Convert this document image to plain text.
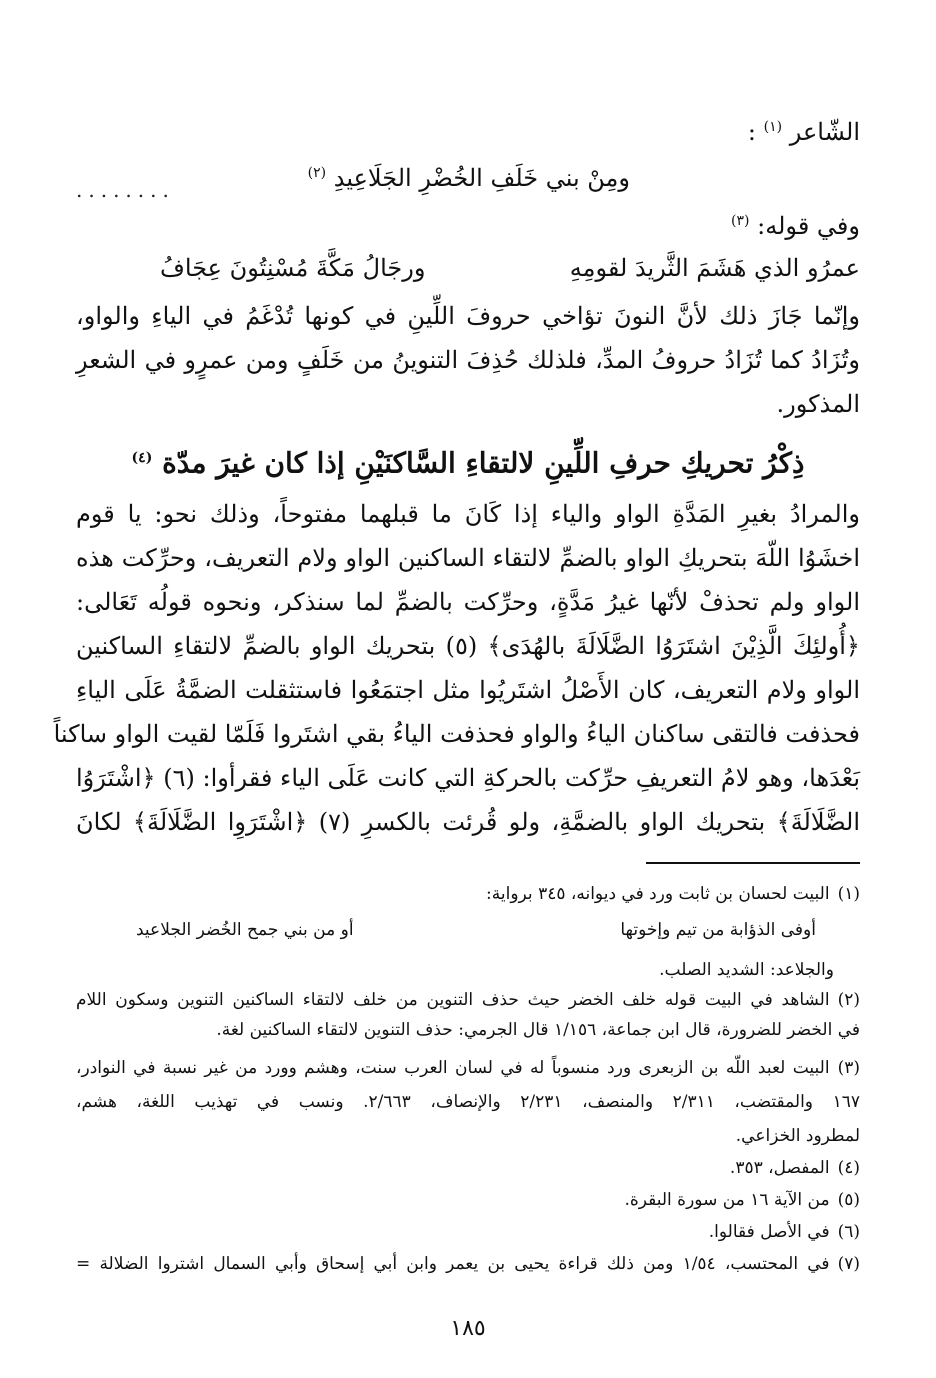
الشّاعر $^{(١)}$ :
ومِنْ بني خَلَفِ الخُضْرِ الجَلَاعِيدِ $^{(٢)}$
........
وفي قوله: $^{(٣)}$
عمرُو الذي هَشَمَ الثَّريدَ لقومِهِ
ورجَالُ مَكَّةَ مُسْنِتُونَ عِجَافُ
وإنّما جَازَ ذلك لأنَّ النونَ تؤاخي حروفَ اللِّينِ في كونها تُدْغَمُ في الياءِ والواو،
وتُزَادُ كما تُزَادُ حروفُ المدِّ، فلذلك حُذِفَ التنوينُ من خَلَفٍ ومن عمرٍو في الشعرِ
المذكور.
ذِكْرُ تحريكِ حرفِ اللِّينِ لالتقاءِ السَّاكنَيْنِ إذا كان غيرَ مدّة $^{(٤)}$
والمرادُ بغيرِ المَدَّةِ الواو والياء إذا كَانَ ما قبلهما مفتوحاً، وذلك نحو: يا قوم
اخشَوُا اللّهَ بتحريكِ الواو بالضمِّ لالتقاء الساكنين الواو ولام التعريف، وحرِّكت هذه
الواو ولم تحذفْ لأنّها غيرُ مَدَّةٍ، وحرِّكت بالضمِّ لما سنذكر، ونحوه قولُه تَعَالى:
﴿أُولئِكَ الَّذِيْنَ اشتَرَوُا الضَّلَالَةَ بالهُدَى﴾ (٥) بتحريك الواو بالضمِّ لالتقاءِ الساكنين
الواو ولام التعريف، كان الأَصْلُ اشتَريُوا مثل اجتمَعُوا فاستثقلت الضمَّةُ عَلَى الياءِ
فحذفت فالتقى ساكنان الياءُ والواو فحذفت الياءُ بقي اشتَروا فَلَمّا لقيت الواو ساكناً
بَعْدَها، وهو لامُ التعريفِ حرِّكت بالحركةِ التي كانت عَلَى الياء فقرأوا: (٦) ﴿اشْتَرَوُا
الضَّلَالَةَ﴾ بتحريك الواو بالضمَّةِ، ولو قُرئت بالكسرِ (٧) ﴿اشْتَرَوِا الضَّلَالَةَ﴾ لكانَ
(١)البيت لحسان بن ثابت ورد في ديوانه، ٣٤٥ برواية:
أوفى الذؤابة من تيم وإخوتها
أو من بني جمح الخُضر الجلاعيد
والجلاعد: الشديد الصلب.
(٢)الشاهد في البيت قوله خلف الخضر حيث حذف التنوين من خلف لالتقاء الساكنين التنوين وسكون اللام
في الخضر للضرورة، قال ابن جماعة، ١/١٥٦ قال الجرمي: حذف التنوين لالتقاء الساكنين لغة.
(٣)البيت لعبد اللّه بن الزبعرى ورد منسوباً له في لسان العرب سنت، وهشم وورد من غير نسبة في النوادر،
١٦٧ والمقتضب، ٢/٣١١ والمنصف، ٢/٢٣١ والإنصاف، ٢/٦٦٣. ونسب في تهذيب اللغة، هشم،
لمطرود الخزاعي.
(٤)المفصل، ٣٥٣.
(٥)من الآية ١٦ من سورة البقرة.
(٦)في الأصل فقالوا.
(٧)في المحتسب، ١/٥٤ ومن ذلك قراءة يحيى بن يعمر وابن أبي إسحاق وأبي السمال اشتروا الضلالة =
١٨٥
